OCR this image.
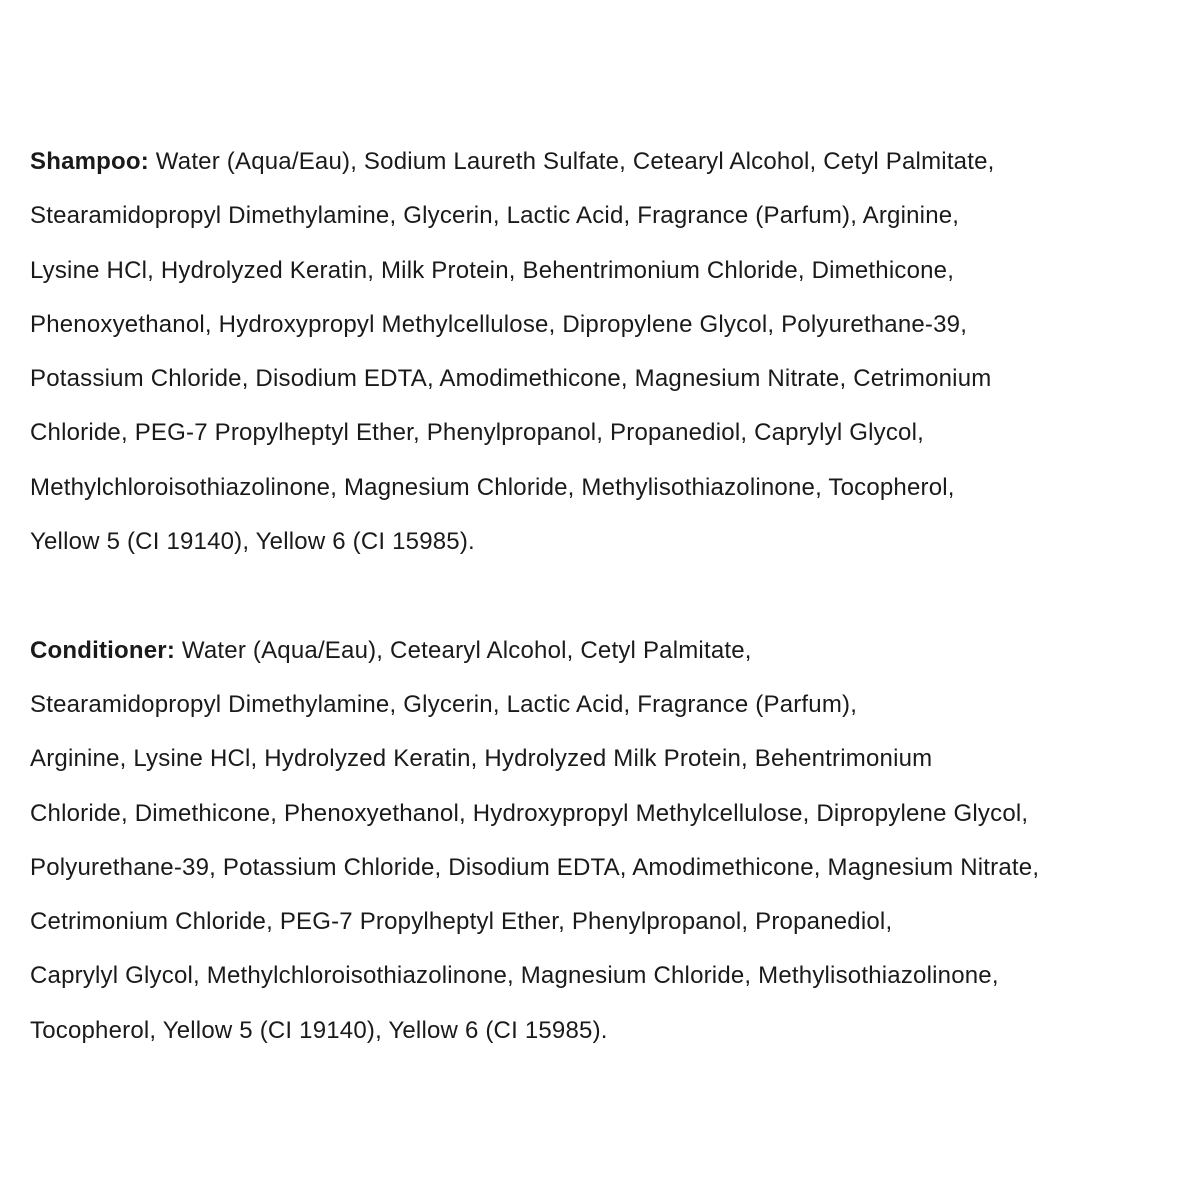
Shampoo: Water (Aqua/Eau), Sodium Laureth Sulfate, Cetearyl Alcohol, Cetyl Palmitate,
Stearamidopropyl Dimethylamine, Glycerin, Lactic Acid, Fragrance (Parfum), Arginine,
Lysine HCl, Hydrolyzed Keratin, Milk Protein, Behentrimonium Chloride, Dimethicone,
Phenoxyethanol, Hydroxypropyl Methylcellulose, Dipropylene Glycol, Polyurethane-39,
Potassium Chloride, Disodium EDTA, Amodimethicone, Magnesium Nitrate, Cetrimonium
Chloride, PEG-7 Propylheptyl Ether, Phenylpropanol, Propanediol, Caprylyl Glycol,
Methylchloroisothiazolinone, Magnesium Chloride, Methylisothiazolinone, Tocopherol,
Yellow 5 (CI 19140), Yellow 6 (CI 15985).
Conditioner: Water (Aqua/Eau), Cetearyl Alcohol, Cetyl Palmitate,
Stearamidopropyl Dimethylamine, Glycerin, Lactic Acid, Fragrance (Parfum),
Arginine, Lysine HCl, Hydrolyzed Keratin, Hydrolyzed Milk Protein, Behentrimonium
Chloride, Dimethicone, Phenoxyethanol, Hydroxypropyl Methylcellulose, Dipropylene Glycol,
Polyurethane-39, Potassium Chloride, Disodium EDTA, Amodimethicone, Magnesium Nitrate,
Cetrimonium Chloride, PEG-7 Propylheptyl Ether, Phenylpropanol, Propanediol,
Caprylyl Glycol, Methylchloroisothiazolinone, Magnesium Chloride, Methylisothiazolinone,
Tocopherol, Yellow 5 (CI 19140), Yellow 6 (CI 15985).
